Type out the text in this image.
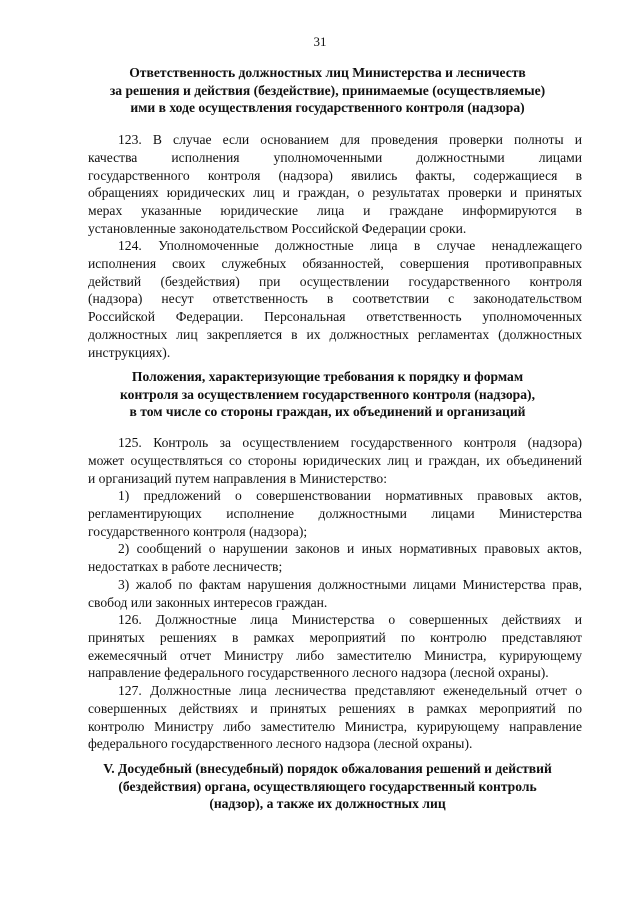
31
Ответственность должностных лиц Министерства и лесничеств
за решения и действия (бездействие), принимаемые (осуществляемые)
ими в ходе осуществления государственного контроля (надзора)
123. В случае если основанием для проведения проверки полноты и
качества исполнения уполномоченными должностными лицами
государственного контроля (надзора) явились факты, содержащиеся в
обращениях юридических лиц и граждан, о результатах проверки и принятых
мерах указанные юридические лица и граждане информируются в
установленные законодательством Российской Федерации сроки.
124. Уполномоченные должностные лица в случае ненадлежащего
исполнения своих служебных обязанностей, совершения противоправных
действий (бездействия) при осуществлении государственного контроля
(надзора) несут ответственность в соответствии с законодательством
Российской Федерации. Персональная ответственность уполномоченных
должностных лиц закрепляется в их должностных регламентах (должностных
инструкциях).
Положения, характеризующие требования к порядку и формам
контроля за осуществлением государственного контроля (надзора),
в том числе со стороны граждан, их объединений и организаций
125. Контроль за осуществлением государственного контроля (надзора)
может осуществляться со стороны юридических лиц и граждан, их объединений
и организаций путем направления в Министерство:
1) предложений о совершенствовании нормативных правовых актов,
регламентирующих исполнение должностными лицами Министерства
государственного контроля (надзора);
2) сообщений о нарушении законов и иных нормативных правовых актов,
недостатках в работе лесничеств;
3) жалоб по фактам нарушения должностными лицами Министерства прав,
свобод или законных интересов граждан.
126. Должностные лица Министерства о совершенных действиях и
принятых решениях в рамках мероприятий по контролю представляют
ежемесячный отчет Министру либо заместителю Министра, курирующему
направление федерального государственного лесного надзора (лесной охраны).
127. Должностные лица лесничества представляют еженедельный отчет о
совершенных действиях и принятых решениях в рамках мероприятий по
контролю Министру либо заместителю Министра, курирующему направление
федерального государственного лесного надзора (лесной охраны).
V. Досудебный (внесудебный) порядок обжалования решений и действий
(бездействия) органа, осуществляющего государственный контроль
(надзор), а также их должностных лиц
